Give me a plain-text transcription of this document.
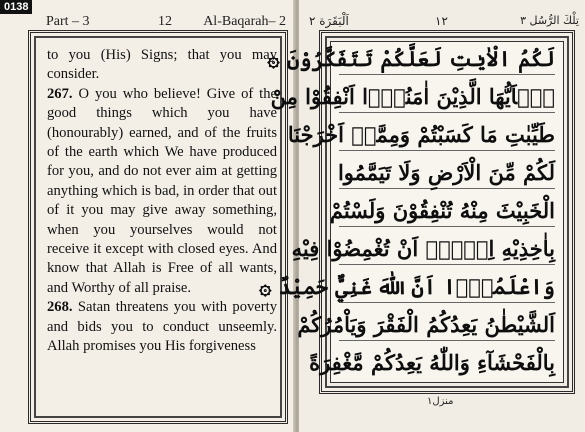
0138
Part – 3	12	Al-Baqarah– 2

to you (His) Signs; that you may consider.

267. O you who believe! Give of the good things which you have (honourably) earned, and of the fruits of the earth which We have produced for you, and do not ever aim at getting anything which is bad, in order that out of it you may give away something, when you yourselves would not receive it except with closed eyes. And know that Allah is Free of all wants, and Worthy of all praise.

268. Satan threatens you with poverty and bids you to conduct unseemly. Allah promises you His forgiveness

اَلْبَقَرَة ۲	۱۲	تِلْكَ الرُّسُل ۳
لَكُمُ الْاٰيٰتِ لَعَلَّكُمْ تَتَفَكَّرُوْنَ ۞
يٰۤاَيُّهَا الَّذِيْنَ اٰمَنُوْۤا اَنْفِقُوْا مِنْ
طَيِّبٰتِ مَا كَسَبْتُمْ وَمِمَّاۤ اَخْرَجْنَا
لَكُمْ مِّنَ الْاَرْضِ وَلَا تَيَمَّمُوا
الْخَبِيْثَ مِنْهُ تُنْفِقُوْنَ وَلَسْتُمْ
بِاٰخِذِيْهِ اِلَّاۤ اَنْ تُغْمِضُوْا فِيْهِ
وَاعْلَمُوْۤا اَنَّ اللّٰهَ غَنِيٌّ حَمِيْدٌ ۞
اَلشَّيْطٰنُ يَعِدُكُمُ الْفَقْرَ وَيَاْمُرُكُمْ
بِالْفَحْشَآءِ وَاللّٰهُ يَعِدُكُمْ مَّغْفِرَةً
منزل۱
